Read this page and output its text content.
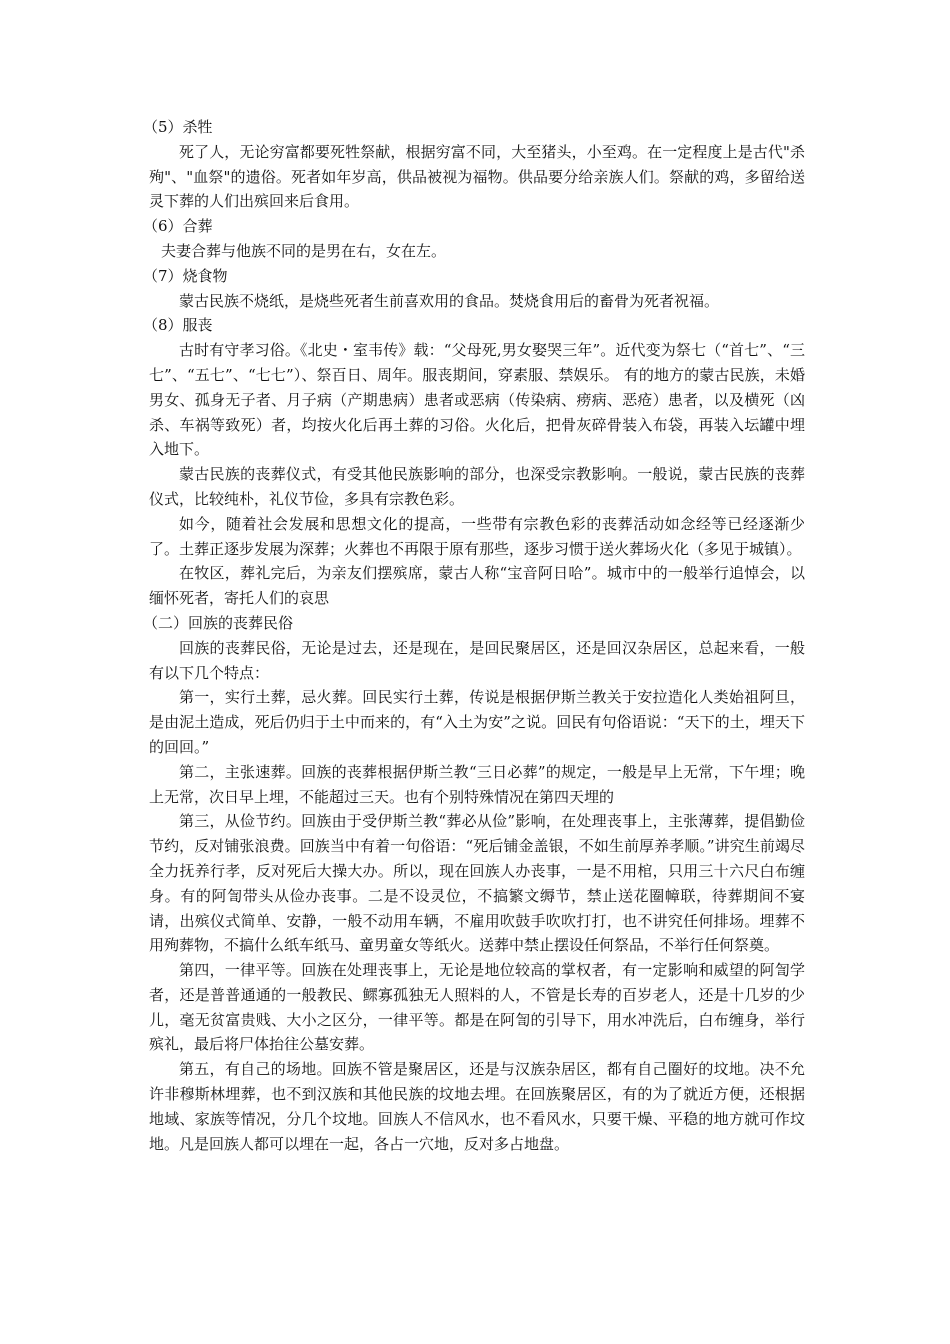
（5）杀牲

死了人，无论穷富都要死牲祭献，根据穷富不同，大至猪头，小至鸡。在一定程度上是古代"杀殉"、"血祭"的遗俗。死者如年岁高，供品被视为福物。供品要分给亲族人们。祭献的鸡，多留给送灵下葬的人们出殡回来后食用。

（6）合葬

夫妻合葬与他族不同的是男在右，女在左。

（7）烧食物

蒙古民族不烧纸，是烧些死者生前喜欢用的食品。焚烧食用后的畜骨为死者祝福。

（8）服丧

古时有守孝习俗。《北史・室韦传》载：“父母死,男女娶哭三年”。近代变为祭七（“首七”、“三七”、“五七”、“七七”）、祭百日、周年。服丧期间，穿素服、禁娱乐。 有的地方的蒙古民族，未婚男女、孤身无子者、月子病（产期患病）患者或恶病（传染病、痨病、恶疮）患者，以及横死（凶杀、车祸等致死）者，均按火化后再土葬的习俗。火化后，把骨灰碎骨装入布袋，再装入坛罐中埋入地下。

蒙古民族的丧葬仪式，有受其他民族影响的部分，也深受宗教影响。一般说，蒙古民族的丧葬仪式，比较纯朴，礼仪节俭，多具有宗教色彩。

如今，随着社会发展和思想文化的提高，一些带有宗教色彩的丧葬活动如念经等已经逐渐少了。土葬正逐步发展为深葬；火葬也不再限于原有那些，逐步习惯于送火葬场火化（多见于城镇）。

在牧区，葬礼完后，为亲友们摆殡席，蒙古人称“宝音阿日哈”。城市中的一般举行追悼会，以缅怀死者，寄托人们的哀思

（二）回族的丧葬民俗

回族的丧葬民俗，无论是过去，还是现在，是回民聚居区，还是回汉杂居区，总起来看，一般有以下几个特点：

第一，实行土葬，忌火葬。回民实行土葬，传说是根据伊斯兰教关于安拉造化人类始祖阿旦，是由泥土造成，死后仍归于土中而来的，有“入土为安”之说。回民有句俗语说：“天下的土，埋天下的回回。”

第二，主张速葬。回族的丧葬根据伊斯兰教“三日必葬”的规定，一般是早上无常，下午埋；晚上无常，次日早上埋，不能超过三天。也有个别特殊情况在第四天埋的

第三，从俭节约。回族由于受伊斯兰教“葬必从俭”影响，在处理丧事上，主张薄葬，提倡勤俭节约，反对铺张浪费。回族当中有着一句俗语：“死后铺金盖银，不如生前厚养孝顺。”讲究生前竭尽全力抚养行孝，反对死后大操大办。所以，现在回族人办丧事，一是不用棺，只用三十六尺白布缠身。有的阿訇带头从俭办丧事。二是不设灵位，不搞繁文缛节，禁止送花圈幛联，待葬期间不宴请，出殡仪式简单、安静，一般不动用车辆，不雇用吹鼓手吹吹打打，也不讲究任何排场。埋葬不用殉葬物，不搞什么纸车纸马、童男童女等纸火。送葬中禁止摆设任何祭品，不举行任何祭奠。

第四，一律平等。回族在处理丧事上，无论是地位较高的掌权者，有一定影响和威望的阿訇学者，还是普普通通的一般教民、鳏寡孤独无人照料的人，不管是长寿的百岁老人，还是十几岁的少儿，毫无贫富贵贱、大小之区分，一律平等。都是在阿訇的引导下，用水冲洗后，白布缠身，举行殡礼，最后将尸体抬往公墓安葬。

第五，有自己的场地。回族不管是聚居区，还是与汉族杂居区，都有自己圈好的坟地。决不允许非穆斯林埋葬，也不到汉族和其他民族的坟地去埋。在回族聚居区，有的为了就近方便，还根据地域、家族等情况，分几个坟地。回族人不信风水，也不看风水，只要干燥、平稳的地方就可作坟地。凡是回族人都可以埋在一起，各占一穴地，反对多占地盘。
